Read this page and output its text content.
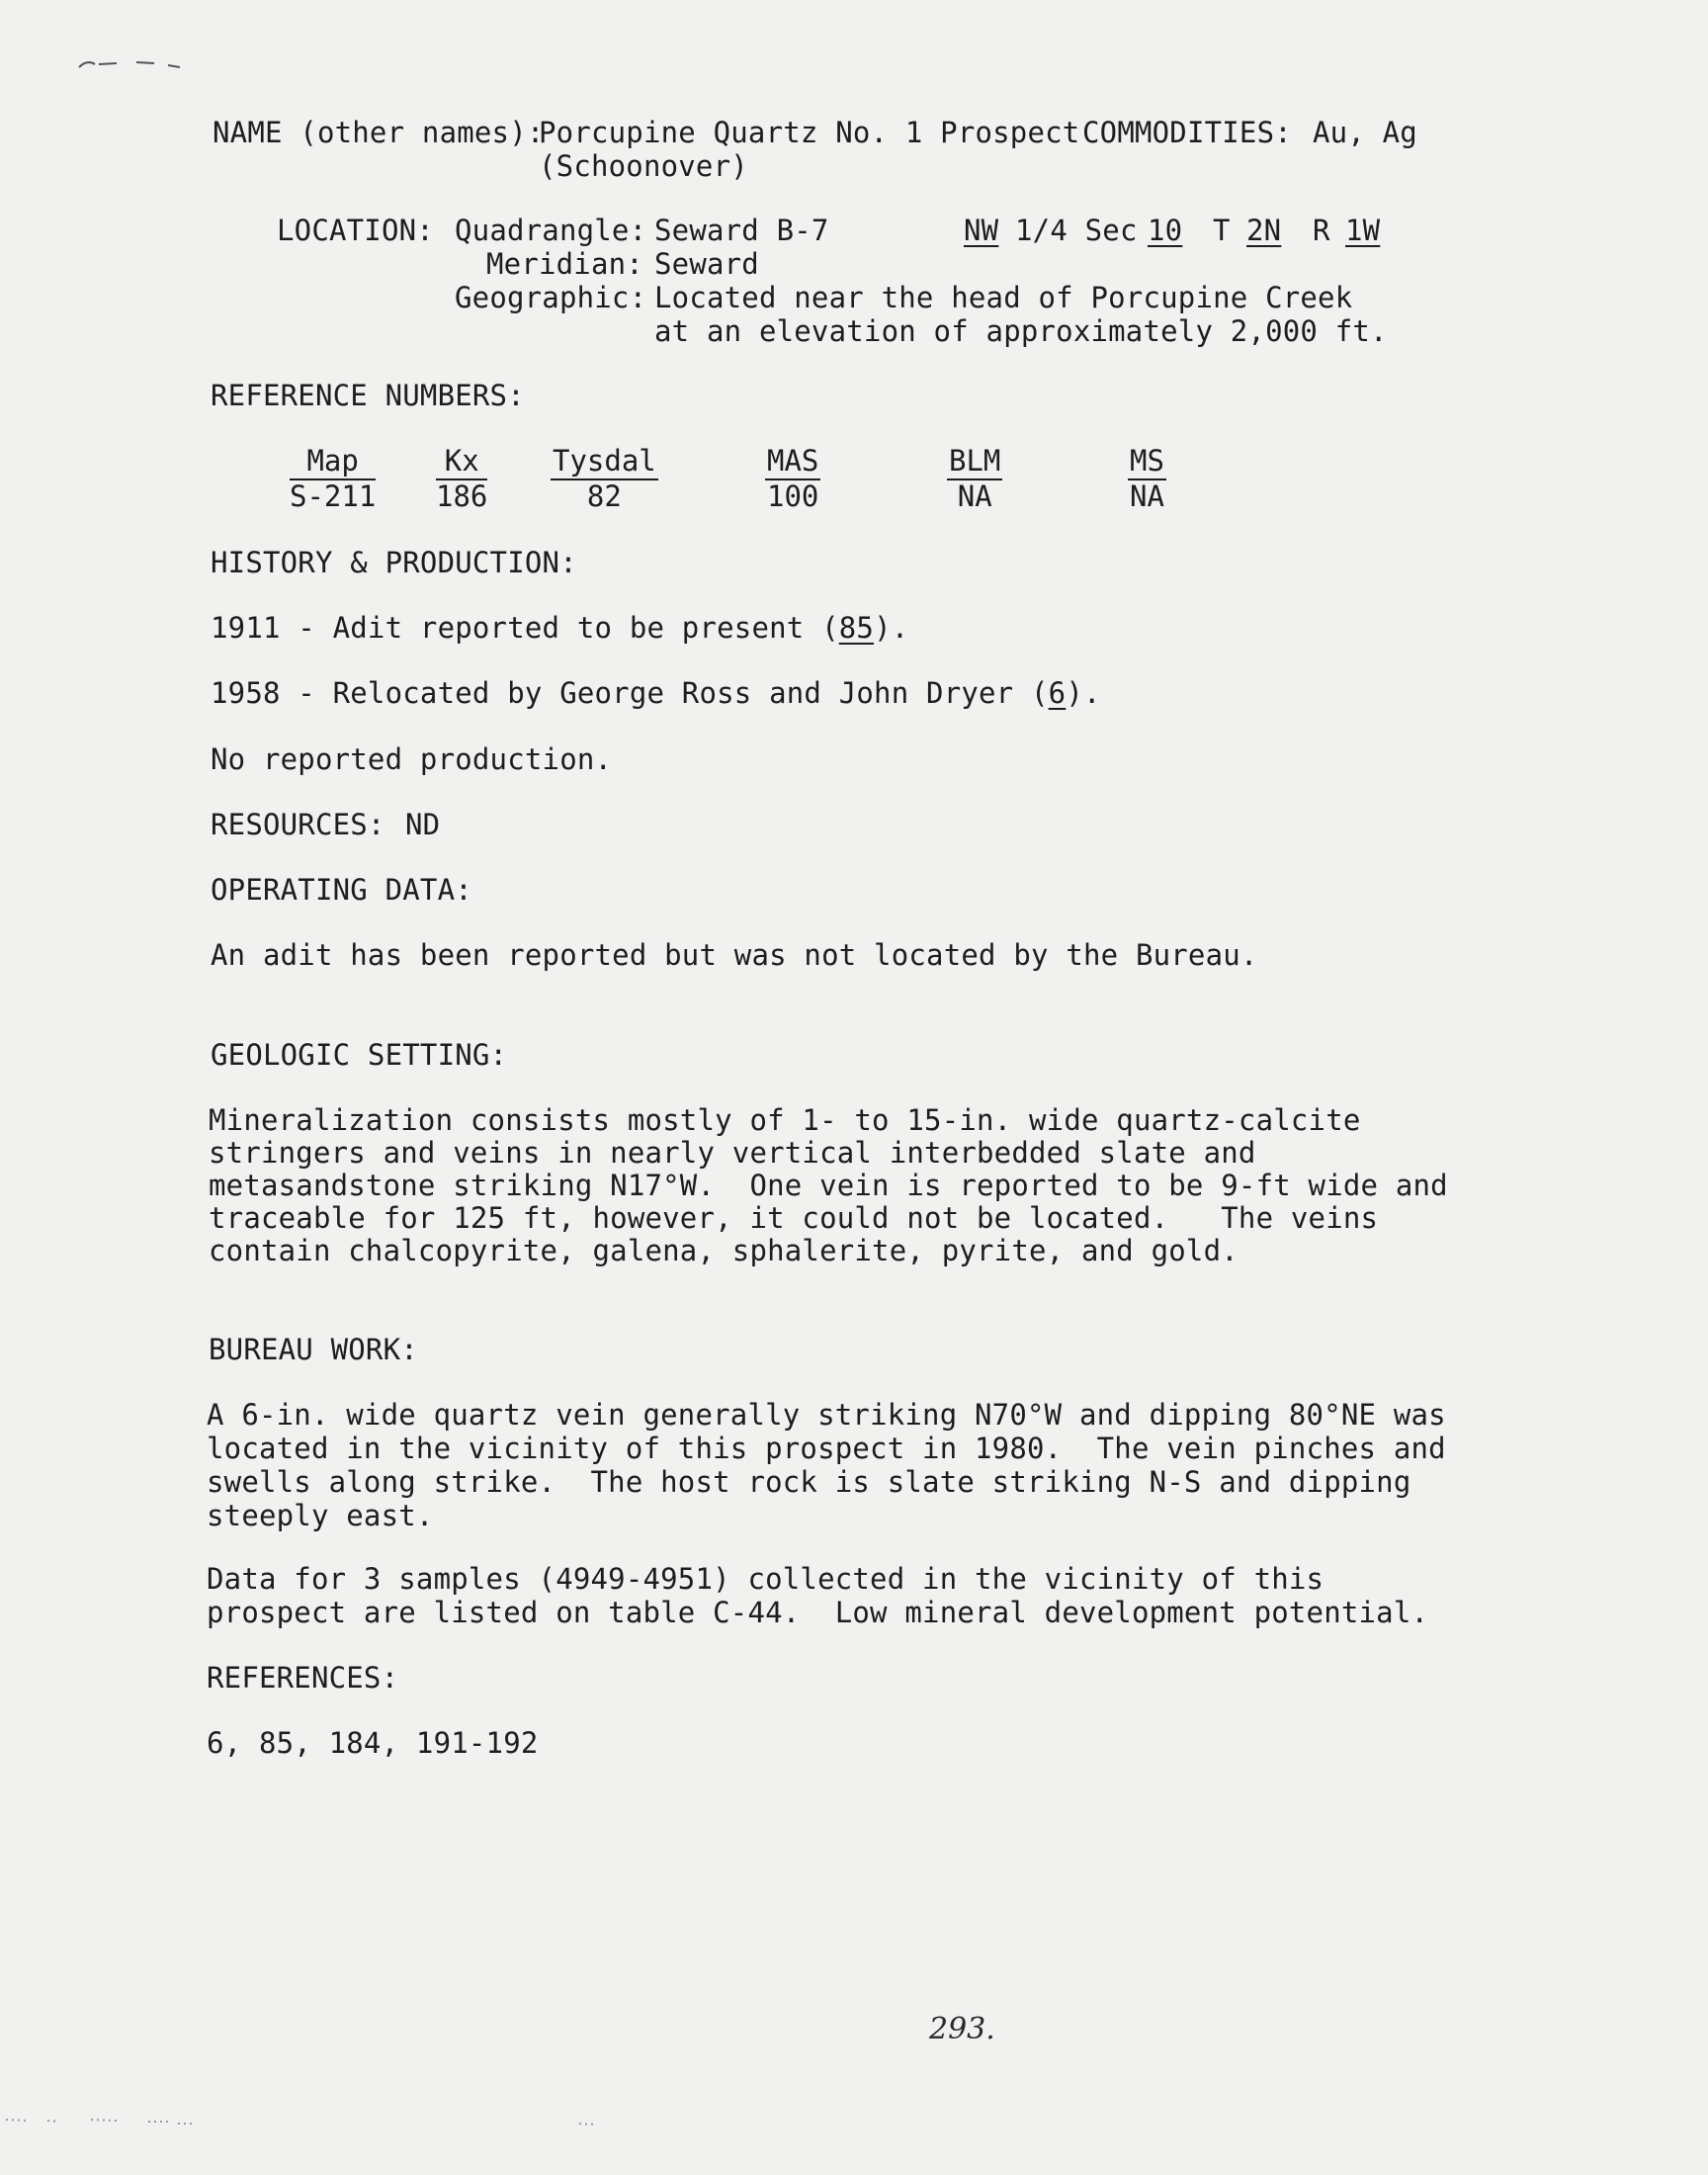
NAME (other names):
Porcupine Quartz No. 1 Prospect COMMODITIES: Au, Ag
(Schoonover)
LOCATION: Quadrangle: Seward B-7	NW 1/4 Sec 10 T 2N R 1W
Meridian: Seward
Geographic: Located near the head of Porcupine Creek
at an elevation of approximately 2,000 ft.
REFERENCE NUMBERS:
Map
S-211
Kx
186
Tysdal
82
MAS
100
BLM
NA
MS
NA
HISTORY & PRODUCTION:
1911 - Adit reported to be present (85).
1958 - Relocated by George Ross and John Dryer (6).
No reported production.
RESOURCES: ND
OPERATING DATA:
An adit has been reported but was not located by the Bureau.
GEOLOGIC SETTING:
Mineralization consists mostly of 1- to 15-in. wide quartz-calcite
stringers and veins in nearly vertical interbedded slate and
metasandstone striking N17°W.  One vein is reported to be 9-ft wide and
traceable for 125 ft, however, it could not be located.   The veins
contain chalcopyrite, galena, sphalerite, pyrite, and gold.
BUREAU WORK:
A 6-in. wide quartz vein generally striking N70°W and dipping 80°NE was
located in the vicinity of this prospect in 1980.  The vein pinches and
swells along strike.  The host rock is slate striking N-S and dipping
steeply east.
Data for 3 samples (4949-4951) collected in the vicinity of this
prospect are listed on table C-44.  Low mineral development potential.
REFERENCES:
6, 85, 184, 191-192
293.
